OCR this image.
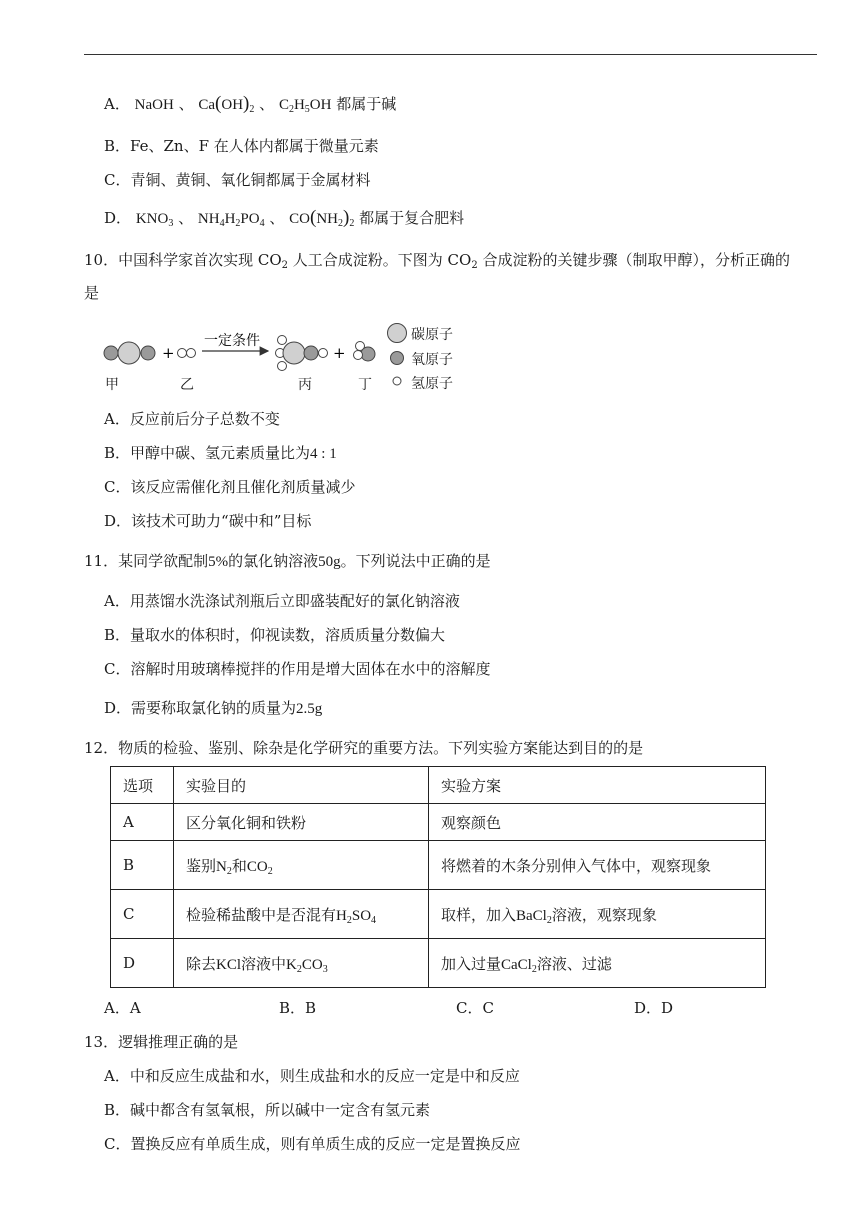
A． NaOH 、 $Ca(OH)_2$ 、 $C_2H_5OH$ 都属于碱
B．Fe、Zn、F 在人体内都属于微量元素
C．青铜、黄铜、氧化铜都属于金属材料
D． $KNO_3$ 、 $NH_4H_2PO_4$ 、 $CO(NH_2)_2$ 都属于复合肥料
10．中国科学家首次实现 $CO_2$ 人工合成淀粉。下图为 $CO_2$ 合成淀粉的关键步骤（制取甲醇），分析正确的
是
+
一定条件
+
甲	乙	丙	丁
碳原子
氧原子
氢原子
A．反应前后分子总数不变
B．甲醇中碳、氢元素质量比为4 : 1
C．该反应需催化剂且催化剂质量减少
D．该技术可助力“碳中和”目标
11．某同学欲配制5%的氯化钠溶液50g。下列说法中正确的是
A．用蒸馏水洗涤试剂瓶后立即盛装配好的氯化钠溶液
B．量取水的体积时，仰视读数，溶质质量分数偏大
C．溶解时用玻璃棒搅拌的作用是增大固体在水中的溶解度
D．需要称取氯化钠的质量为2.5g
12．物质的检验、鉴别、除杂是化学研究的重要方法。下列实验方案能达到目的的是
选项	实验目的	实验方案
A	区分氧化铜和铁粉	观察颜色
B	鉴别$N_2$和$CO_2$	将燃着的木条分别伸入气体中，观察现象
C	检验稀盐酸中是否混有$H_2SO_4$	取样，加入BaCl$_2$溶液，观察现象
D	除去KCl溶液中$K_2CO_3$	加入过量CaCl$_2$溶液、过滤
A．A	B．B	C．C	D．D
13．逻辑推理正确的是
A．中和反应生成盐和水，则生成盐和水的反应一定是中和反应
B．碱中都含有氢氧根，所以碱中一定含有氢元素
C．置换反应有单质生成，则有单质生成的反应一定是置换反应
